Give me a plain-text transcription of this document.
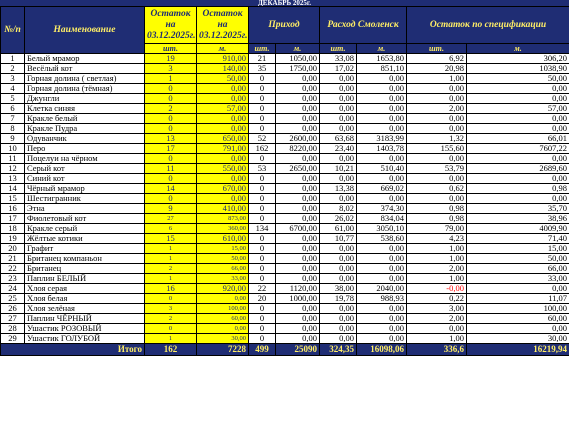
ДЕКАБРЬ 2025г.
№/п	Наименование	Остаток на 03.12.2025г.	Остаток на 03.12.2025г.	Приход		Расход Смоленск		Остаток по спецификации	
		шт.	м.	шт.	м.	шт.	м.	шт.	м.
1	Белый мрамор	19	910,00	21	1050,00	33,08	1653,80	6,92	306,20
2	Весёлый кот	3	140,00	35	1750,00	17,02	851,10	20,98	1038,90
3	Горная долина ( светлая)	1	50,00	0	0,00	0,00	0,00	1,00	50,00
4	Горная долина (тёмная)	0	0,00	0	0,00	0,00	0,00	0,00	0,00
5	Джунгли	0	0,00	0	0,00	0,00	0,00	0,00	0,00
6	Клетка синяя	2	57,00	0	0,00	0,00	0,00	2,00	57,00
7	Кракле белый	0	0,00	0	0,00	0,00	0,00	0,00	0,00
8	Кракле Пудра	0	0,00	0	0,00	0,00	0,00	0,00	0,00
9	Одуванчик	13	650,00	52	2600,00	63,68	3183,99	1,32	66,01
10	Перо	17	791,00	162	8220,00	23,40	1403,78	155,60	7607,22
11	Поцелуи на чёрном	0	0,00	0	0,00	0,00	0,00	0,00	0,00
12	Серый кот	11	550,00	53	2650,00	10,21	510,40	53,79	2689,60
13	Синий кот	0	0,00	0	0,00	0,00	0,00	0,00	0,00
14	Чёрный мрамор	14	670,00	0	0,00	13,38	669,02	0,62	0,98
15	Шестигранник	0	0,00	0	0,00	0,00	0,00	0,00	0,00
16	Этна	9	410,00	0	0,00	8,02	374,30	0,98	35,70
17	Фиолетовый кот	27	873,00	0	0,00	26,02	834,04	0,98	38,96
18	Кракле серый	6	360,00	134	6700,00	61,00	3050,10	79,00	4009,90
19	Жёлтые котики	15	610,00	0	0,00	10,77	538,60	4,23	71,40
20	Графит	1	15,00	0	0,00	0,00	0,00	1,00	15,00
21	Британец компаньон	1	50,00	0	0,00	0,00	0,00	1,00	50,00
22	Британец	2	66,00	0	0,00	0,00	0,00	2,00	66,00
23	Паплин БЕЛЫЙ	1	33,00	0	0,00	0,00	0,00	1,00	33,00
24	Хлоя серая	16	920,00	22	1120,00	38,00	2040,00	-0,00	0,00
25	Хлоя белая	0	0,00	20	1000,00	19,78	988,93	0,22	11,07
26	Хлоя зелёная	3	100,00	0	0,00	0,00	0,00	3,00	100,00
27	Паплин ЧЁРНЫЙ	2	60,00	0	0,00	0,00	0,00	2,00	60,00
28	Ушастик РОЗОВЫЙ	0	0,00	0	0,00	0,00	0,00	0,00	0,00
29	Ушастик ГОЛУБОЙ	1	30,00	0	0,00	0,00	0,00	1,00	30,00
Итого		162	7228	499	25090	324,35	16098,06	336,6	16219,94
